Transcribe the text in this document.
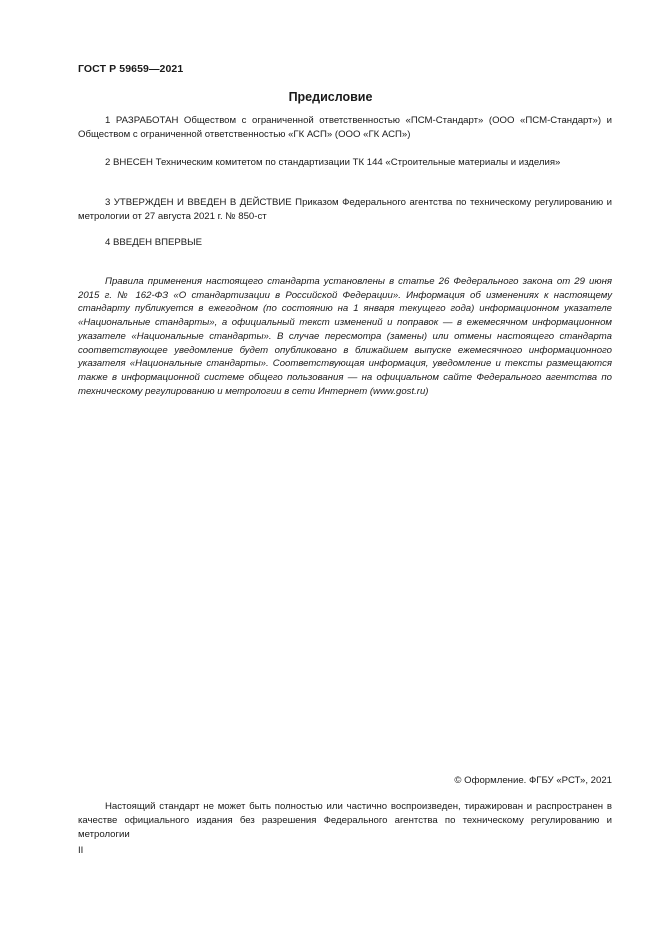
ГОСТ Р 59659—2021
Предисловие
1 РАЗРАБОТАН Обществом с ограниченной ответственностью «ПСМ-Стандарт» (ООО «ПСМ-Стандарт») и Обществом с ограниченной ответственностью «ГК АСП» (ООО «ГК АСП»)
2 ВНЕСЕН Техническим комитетом по стандартизации ТК 144 «Строительные материалы и изделия»
3 УТВЕРЖДЕН И ВВЕДЕН В ДЕЙСТВИЕ Приказом Федерального агентства по техническому регулированию и метрологии от 27 августа 2021 г. № 850-ст
4 ВВЕДЕН ВПЕРВЫЕ
Правила применения настоящего стандарта установлены в статье 26 Федерального закона от 29 июня 2015 г. № 162-ФЗ «О стандартизации в Российской Федерации». Информация об изменениях к настоящему стандарту публикуется в ежегодном (по состоянию на 1 января текущего года) информационном указателе «Национальные стандарты», а официальный текст изменений и поправок — в ежемесячном информационном указателе «Национальные стандарты». В случае пересмотра (замены) или отмены настоящего стандарта соответствующее уведомление будет опубликовано в ближайшем выпуске ежемесячного информационного указателя «Национальные стандарты». Соответствующая информация, уведомление и тексты размещаются также в информационной системе общего пользования — на официальном сайте Федерального агентства по техническому регулированию и метрологии в сети Интернет (www.gost.ru)
© Оформление. ФГБУ «РСТ», 2021
Настоящий стандарт не может быть полностью или частично воспроизведен, тиражирован и распространен в качестве официального издания без разрешения Федерального агентства по техническому регулированию и метрологии
II
